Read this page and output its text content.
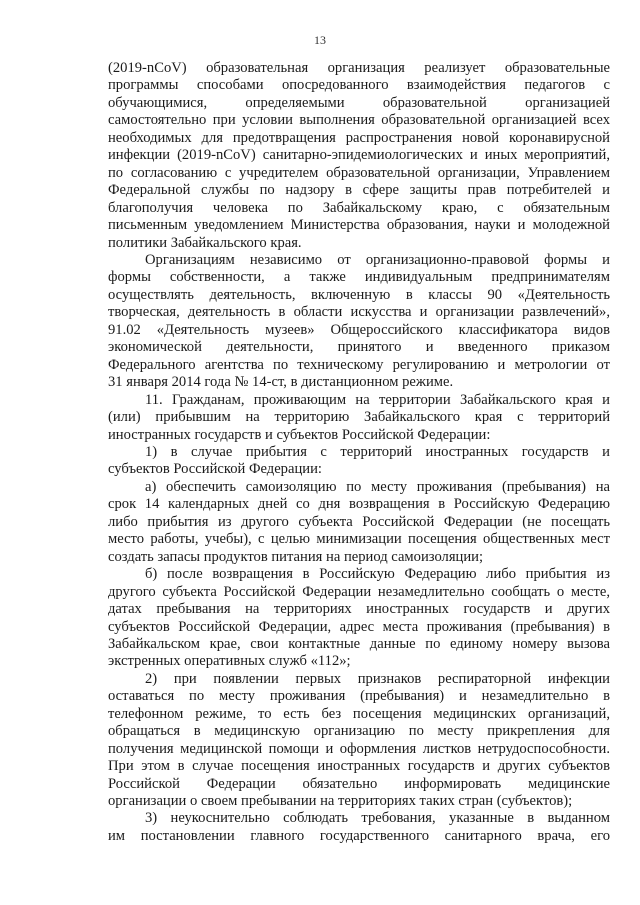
13

(2019-nCoV) образовательная организация реализует образовательные

программы способами опосредованного взаимодействия педагогов с

обучающимися, определяемыми образовательной организацией

самостоятельно при условии выполнения образовательной организацией всех

необходимых для предотвращения распространения новой коронавирусной

инфекции (2019-nCoV) санитарно-эпидемиологических и иных мероприятий,

по согласованию с учредителем образовательной организации, Управлением

Федеральной службы по надзору в сфере защиты прав потребителей и

благополучия человека по Забайкальскому краю, с обязательным

письменным уведомлением Министерства образования, науки и молодежной

политики Забайкальского края.

Организациям независимо от организационно-правовой формы и

формы собственности, а также индивидуальным предпринимателям

осуществлять деятельность, включенную в классы 90 «Деятельность

творческая, деятельность в области искусства и организации развлечений»,

91.02 «Деятельность музеев» Общероссийского классификатора видов

экономической деятельности, принятого и введенного приказом

Федерального агентства по техническому регулированию и метрологии от

31 января 2014 года № 14-ст, в дистанционном режиме.

11. Гражданам, проживающим на территории Забайкальского края и

(или) прибывшим на территорию Забайкальского края с территорий

иностранных государств и субъектов Российской Федерации:

1) в случае прибытия с территорий иностранных государств и

субъектов Российской Федерации:

а) обеспечить самоизоляцию по месту проживания (пребывания) на

срок 14 календарных дней со дня возвращения в Российскую Федерацию

либо прибытия из другого субъекта Российской Федерации (не посещать

место работы, учебы), с целью минимизации посещения общественных мест

создать запасы продуктов питания на период самоизоляции;

б) после возвращения в Российскую Федерацию либо прибытия из

другого субъекта Российской Федерации незамедлительно сообщать о месте,

датах пребывания на территориях иностранных государств и других

субъектов Российской Федерации, адрес места проживания (пребывания) в

Забайкальском крае, свои контактные данные по единому номеру вызова

экстренных оперативных служб «112»;

2) при появлении первых признаков респираторной инфекции

оставаться по месту проживания (пребывания) и незамедлительно в

телефонном режиме, то есть без посещения медицинских организаций,

обращаться в медицинскую организацию по месту прикрепления для

получения медицинской помощи и оформления листков нетрудоспособности.

При этом в случае посещения иностранных государств и других субъектов

Российской Федерации обязательно информировать медицинские

организации о своем пребывании на территориях таких стран (субъектов);

3) неукоснительно соблюдать требования, указанные в выданном

им постановлении главного государственного санитарного врача, его
